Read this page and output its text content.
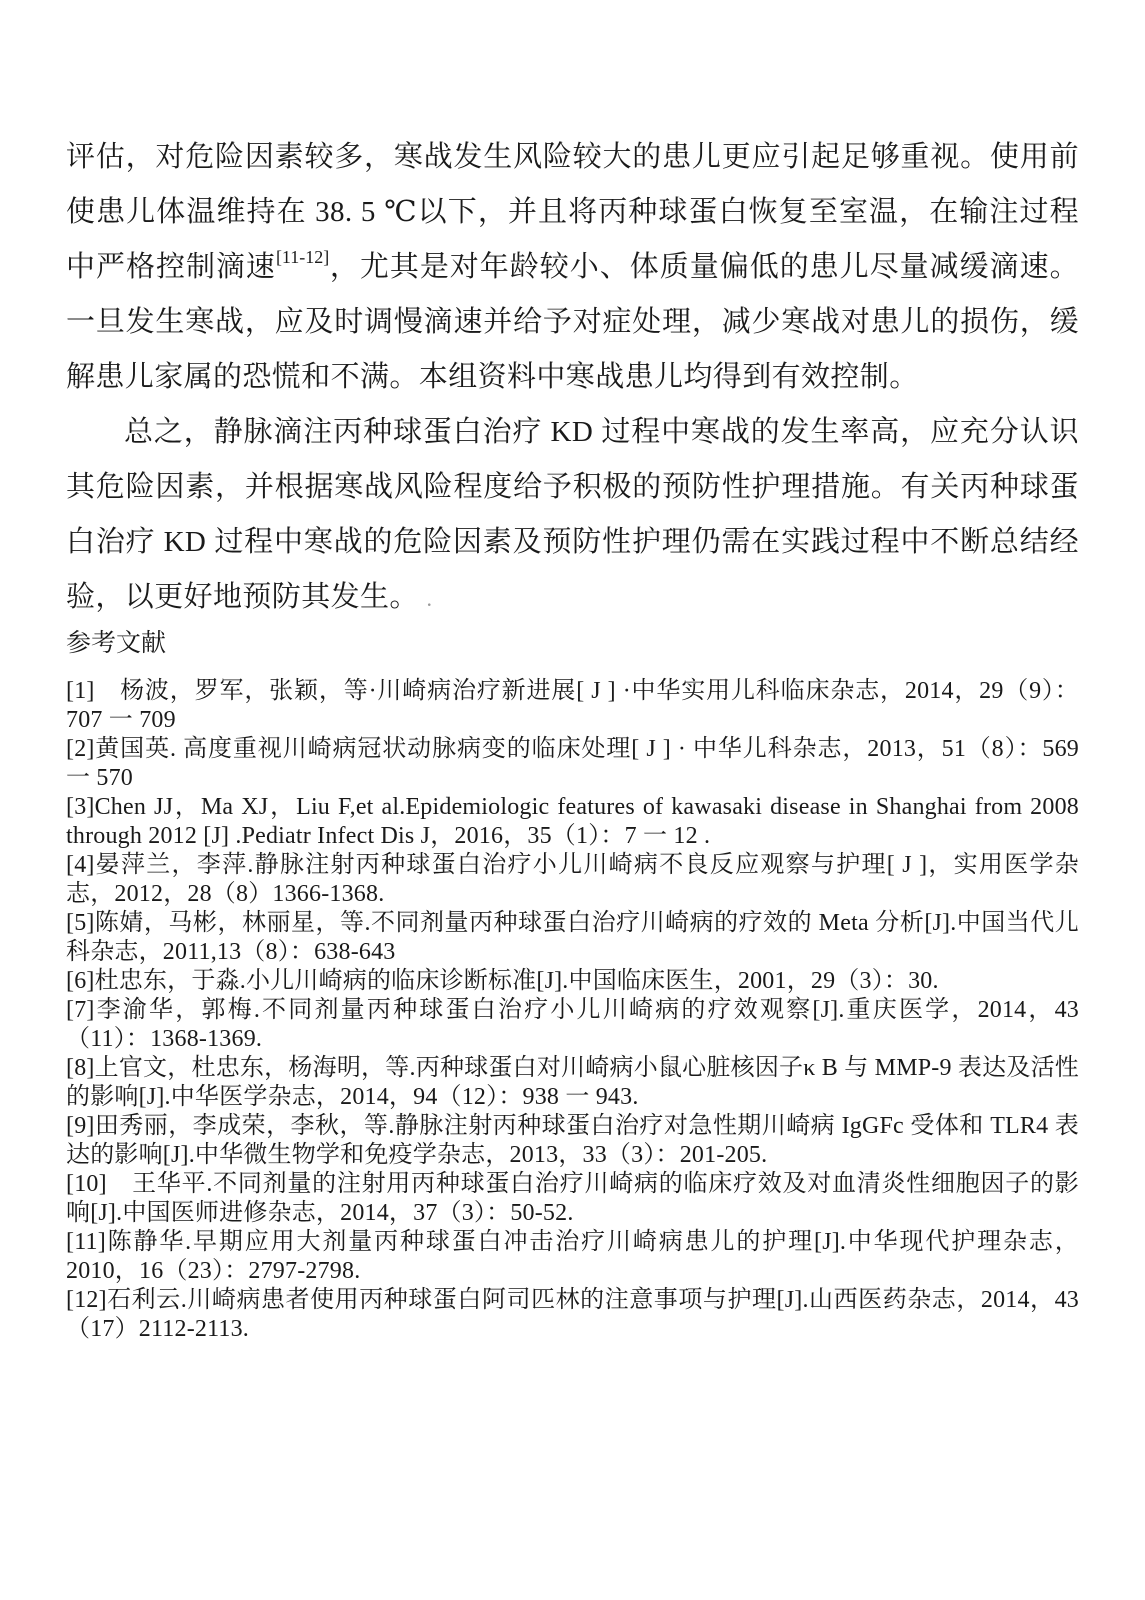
评估，对危险因素较多，寒战发生风险较大的患儿更应引起足够重视。使用前使患儿体温维持在 38. 5 ℃以下，并且将丙种球蛋白恢复至室温，在输注过程中严格控制滴速[11-12]，尤其是对年龄较小、体质量偏低的患儿尽量减缓滴速。一旦发生寒战，应及时调慢滴速并给予对症处理，减少寒战对患儿的损伤，缓解患儿家属的恐慌和不满。本组资料中寒战患儿均得到有效控制。

总之，静脉滴注丙种球蛋白治疗 KD 过程中寒战的发生率高，应充分认识其危险因素，并根据寒战风险程度给予积极的预防性护理措施。有关丙种球蛋白治疗 KD 过程中寒战的危险因素及预防性护理仍需在实践过程中不断总结经验，以更好地预防其发生。 .

参考文献
[1]　杨波，罗军，张颖，等·川崎病治疗新进展[ J ] ·中华实用儿科临床杂志，2014，29（9）：707 一 709
[2]黄国英. 高度重视川崎病冠状动脉病变的临床处理[ J ] · 中华儿科杂志，2013，51（8）：569 一 570
[3]Chen JJ，Ma XJ，Liu F,et al.Epidemiologic features of kawasaki disease in Shanghai from 2008 through 2012 [J] .Pediatr Infect Dis J，2016，35（1）：7 一 12 .
[4]晏萍兰，李萍.静脉注射丙种球蛋白治疗小儿川崎病不良反应观察与护理[ J ]，实用医学杂志，2012，28（8）1366-1368.
[5]陈婧，马彬，林丽星，等.不同剂量丙种球蛋白治疗川崎病的疗效的 Meta 分析[J].中国当代儿科杂志，2011,13（8）：638-643
[6]杜忠东，于淼.小儿川崎病的临床诊断标准[J].中国临床医生，2001，29（3）：30.
[7]李渝华，郭梅.不同剂量丙种球蛋白治疗小儿川崎病的疗效观察[J].重庆医学，2014，43（11）：1368-1369.
[8]上官文，杜忠东，杨海明，等.丙种球蛋白对川崎病小鼠心脏核因子κ B 与 MMP-9 表达及活性的影响[J].中华医学杂志，2014，94（12）：938 一 943.
[9]田秀丽，李成荣，李秋，等.静脉注射丙种球蛋白治疗对急性期川崎病 IgGFc 受体和 TLR4 表达的影响[J].中华微生物学和免疫学杂志，2013，33（3）：201-205.
[10]　王华平.不同剂量的注射用丙种球蛋白治疗川崎病的临床疗效及对血清炎性细胞因子的影响[J].中国医师进修杂志，2014，37（3）：50-52.
[11]陈静华.早期应用大剂量丙种球蛋白冲击治疗川崎病患儿的护理[J].中华现代护理杂志，2010，16（23）：2797-2798.
[12]石利云.川崎病患者使用丙种球蛋白阿司匹林的注意事项与护理[J].山西医药杂志，2014，43（17）2112-2113.
